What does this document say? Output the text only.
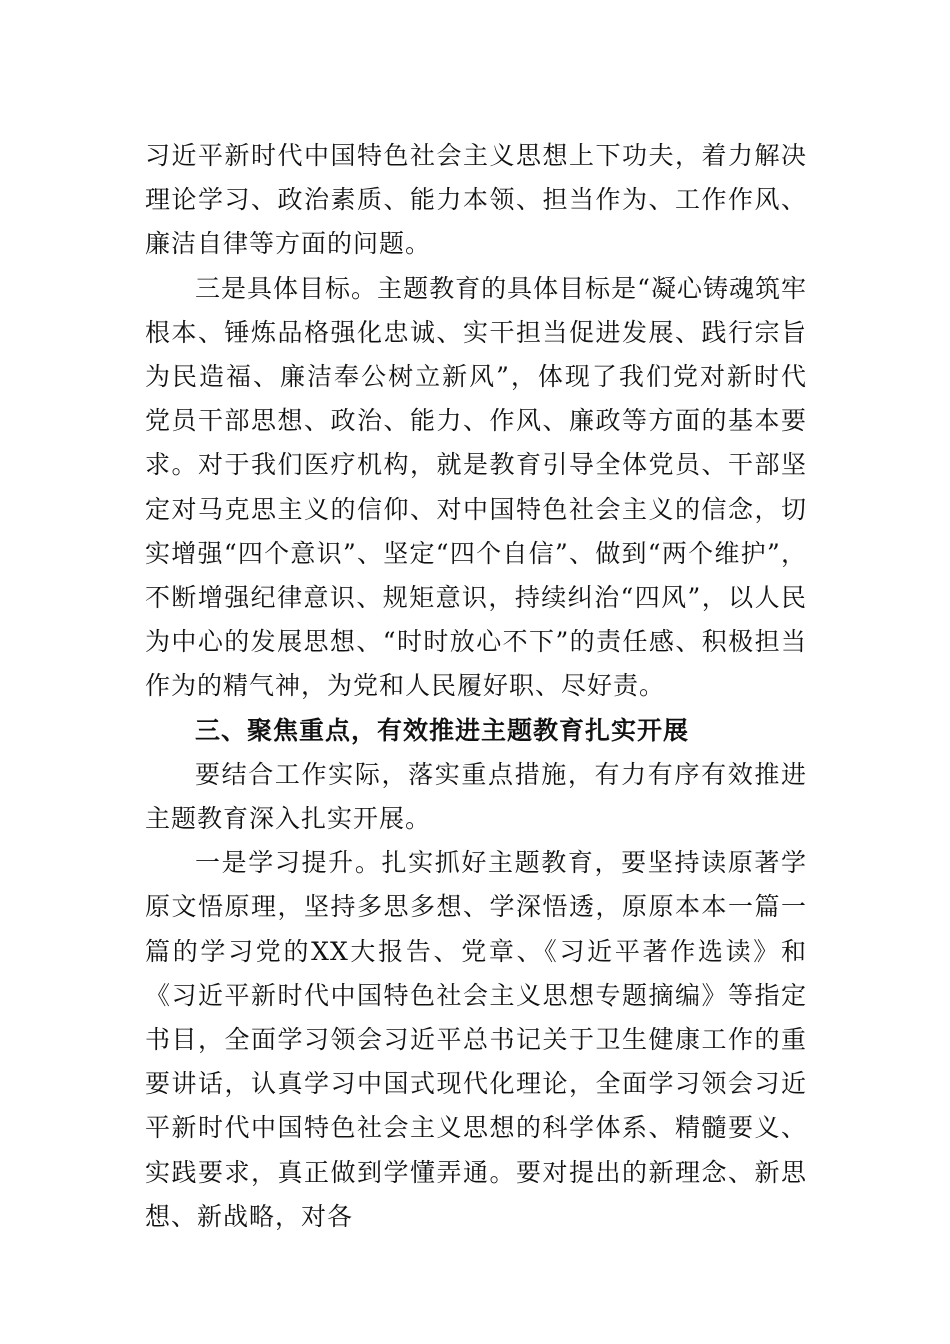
习近平新时代中国特色社会主义思想上下功夫，着力解决理论学习、政治素质、能力本领、担当作为、工作作风、廉洁自律等方面的问题。

三是具体目标。主题教育的具体目标是“凝心铸魂筑牢根本、锤炼品格强化忠诚、实干担当促进发展、践行宗旨为民造福、廉洁奉公树立新风”，体现了我们党对新时代党员干部思想、政治、能力、作风、廉政等方面的基本要求。对于我们医疗机构，就是教育引导全体党员、干部坚定对马克思主义的信仰、对中国特色社会主义的信念，切实增强“四个意识”、坚定“四个自信”、做到“两个维护”，不断增强纪律意识、规矩意识，持续纠治“四风”，以人民为中心的发展思想、“时时放心不下”的责任感、积极担当作为的精气神，为党和人民履好职、尽好责。

三、聚焦重点，有效推进主题教育扎实开展

要结合工作实际，落实重点措施，有力有序有效推进主题教育深入扎实开展。

一是学习提升。扎实抓好主题教育，要坚持读原著学原文悟原理，坚持多思多想、学深悟透，原原本本一篇一篇的学习党的XX大报告、党章、《习近平著作选读》和《习近平新时代中国特色社会主义思想专题摘编》等指定书目，全面学习领会习近平总书记关于卫生健康工作的重要讲话，认真学习中国式现代化理论，全面学习领会习近平新时代中国特色社会主义思想的科学体系、精髓要义、实践要求，真正做到学懂弄通。要对提出的新理念、新思想、新战略，对各
